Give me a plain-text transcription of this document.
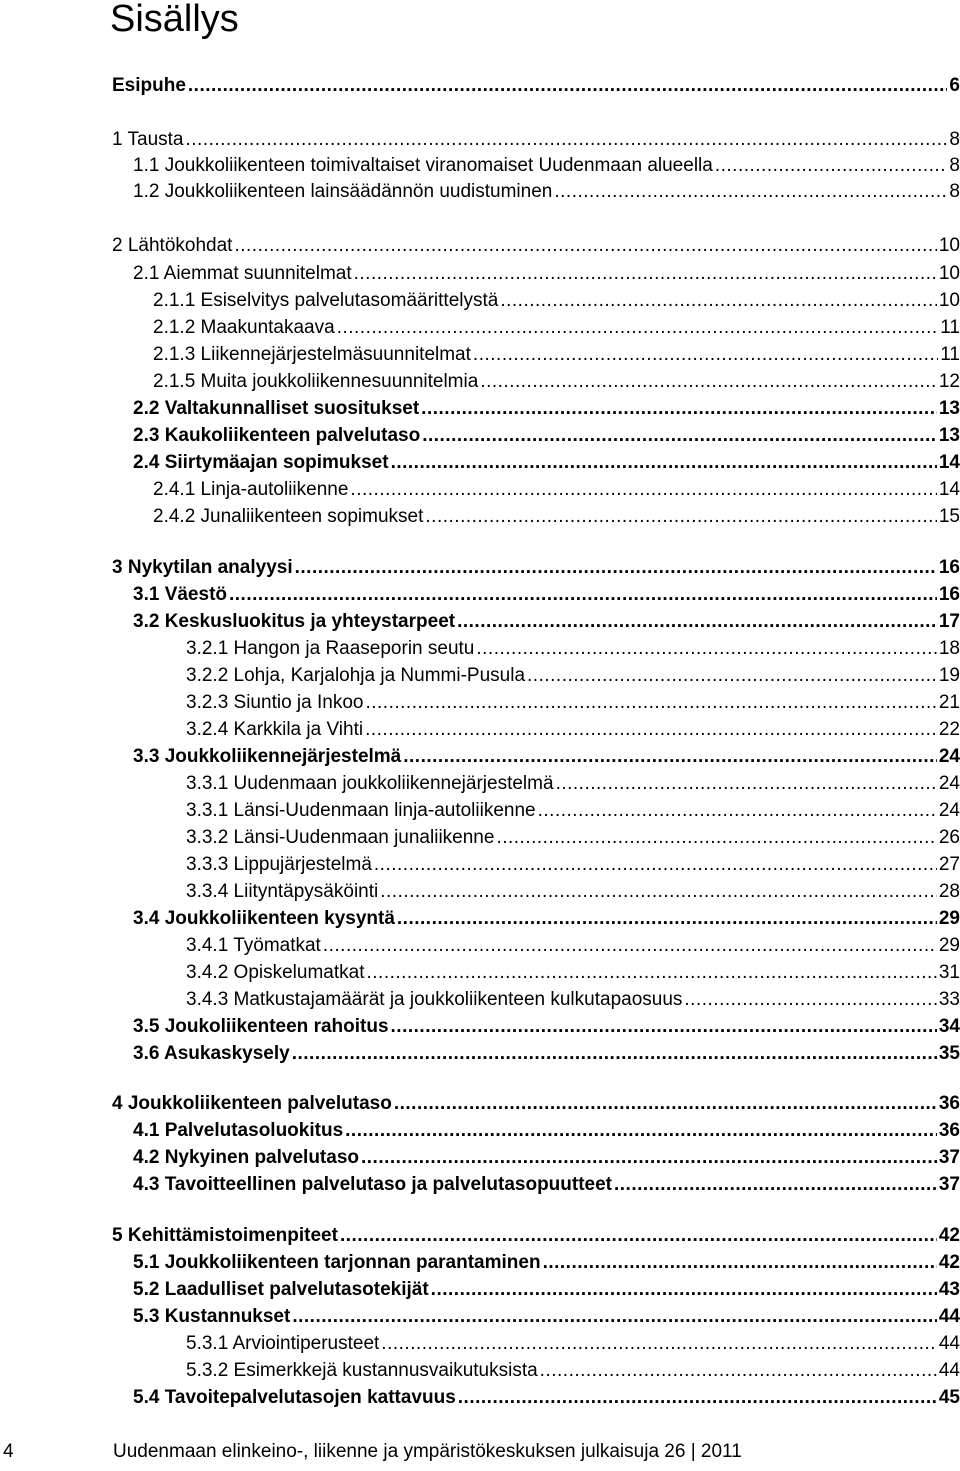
Sisällys
Esipuhe .....	6
1 Tausta .....	8
1.1 Joukkoliikenteen toimivaltaiset viranomaiset Uudenmaan alueella .....	8
1.2 Joukkoliikenteen lainsäädännön uudistuminen .....	8
2 Lähtökohdat .....	10
2.1 Aiemmat suunnitelmat .....	10
2.1.1 Esiselvitys palvelutasomäärittelystä .....	10
2.1.2 Maakuntakaava .....	11
2.1.3 Liikennejärjestelmäsuunnitelmat .....	11
2.1.5 Muita joukkoliikennesuunnitelmia .....	12
2.2 Valtakunnalliset suositukset .....	13
2.3 Kaukoliikenteen palvelutaso .....	13
2.4 Siirtymäajan sopimukset .....	14
2.4.1 Linja-autoliikenne .....	14
2.4.2 Junaliikenteen sopimukset .....	15
3 Nykytilan analyysi .....	16
3.1 Väestö .....	16
3.2 Keskusluokitus ja yhteystarpeet .....	17
3.2.1 Hangon ja Raaseporin seutu .....	18
3.2.2 Lohja, Karjalohja ja Nummi-Pusula .....	19
3.2.3 Siuntio ja Inkoo .....	21
3.2.4 Karkkila ja Vihti .....	22
3.3 Joukkoliikennejärjestelmä .....	24
3.3.1 Uudenmaan joukkoliikennejärjestelmä .....	24
3.3.1 Länsi-Uudenmaan linja-autoliikenne .....	24
3.3.2 Länsi-Uudenmaan junaliikenne .....	26
3.3.3 Lippujärjestelmä .....	27
3.3.4 Liityntäpysäköinti .....	28
3.4 Joukkoliikenteen kysyntä .....	29
3.4.1 Työmatkat .....	29
3.4.2 Opiskelumatkat .....	31
3.4.3 Matkustajamäärät ja joukkoliikenteen kulkutapaosuus .....	33
3.5 Joukoliikenteen rahoitus .....	34
3.6 Asukaskysely .....	35
4 Joukkoliikenteen palvelutaso .....	36
4.1 Palvelutasoluokitus .....	36
4.2 Nykyinen palvelutaso .....	37
4.3 Tavoitteellinen palvelutaso ja palvelutasopuutteet .....	37
5 Kehittämistoimenpiteet .....	42
5.1 Joukkoliikenteen tarjonnan parantaminen .....	42
5.2 Laadulliset palvelutasotekijät .....	43
5.3 Kustannukset .....	44
5.3.1 Arviointiperusteet .....	44
5.3.2 Esimerkkejä kustannusvaikutuksista .....	44
5.4 Tavoitepalvelutasojen kattavuus .....	45
4	Uudenmaan elinkeino-, liikenne ja ympäristökeskuksen julkaisuja 26 | 2011
